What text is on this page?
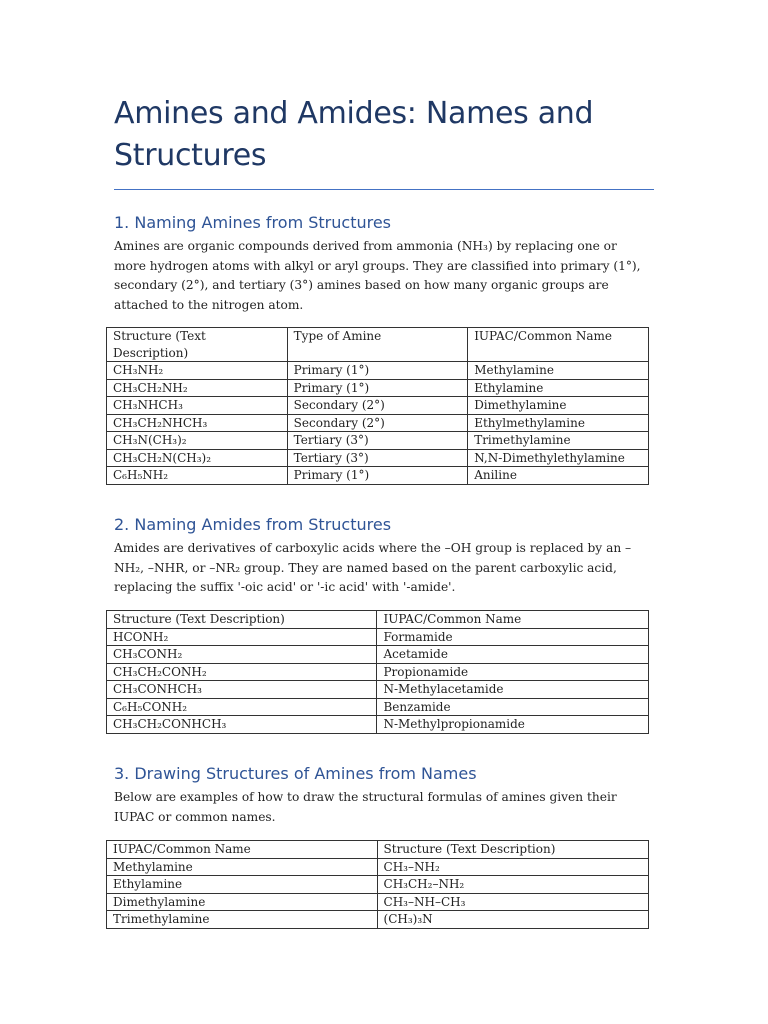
Amines and Amides: Names and Structures
1. Naming Amines from Structures

Amines are organic compounds derived from ammonia (NH₃) by replacing one or more hydrogen atoms with alkyl or aryl groups. They are classified into primary (1°), secondary (2°), and tertiary (3°) amines based on how many organic groups are attached to the nitrogen atom.

Structure (Text Description)	Type of Amine	IUPAC/Common Name
CH₃NH₂	Primary (1°)	Methylamine
CH₃CH₂NH₂	Primary (1°)	Ethylamine
CH₃NHCH₃	Secondary (2°)	Dimethylamine
CH₃CH₂NHCH₃	Secondary (2°)	Ethylmethylamine
CH₃N(CH₃)₂	Tertiary (3°)	Trimethylamine
CH₃CH₂N(CH₃)₂	Tertiary (3°)	N,N-Dimethylethylamine
C₆H₅NH₂	Primary (1°)	Aniline
2. Naming Amides from Structures

Amides are derivatives of carboxylic acids where the –OH group is replaced by an –NH₂, –NHR, or –NR₂ group. They are named based on the parent carboxylic acid, replacing the suffix '-oic acid' or '-ic acid' with '-amide'.

Structure (Text Description)	IUPAC/Common Name
HCONH₂	Formamide
CH₃CONH₂	Acetamide
CH₃CH₂CONH₂	Propionamide
CH₃CONHCH₃	N-Methylacetamide
C₆H₅CONH₂	Benzamide
CH₃CH₂CONHCH₃	N-Methylpropionamide
3. Drawing Structures of Amines from Names

Below are examples of how to draw the structural formulas of amines given their IUPAC or common names.

IUPAC/Common Name	Structure (Text Description)
Methylamine	CH₃–NH₂
Ethylamine	CH₃CH₂–NH₂
Dimethylamine	CH₃–NH–CH₃
Trimethylamine	(CH₃)₃N
